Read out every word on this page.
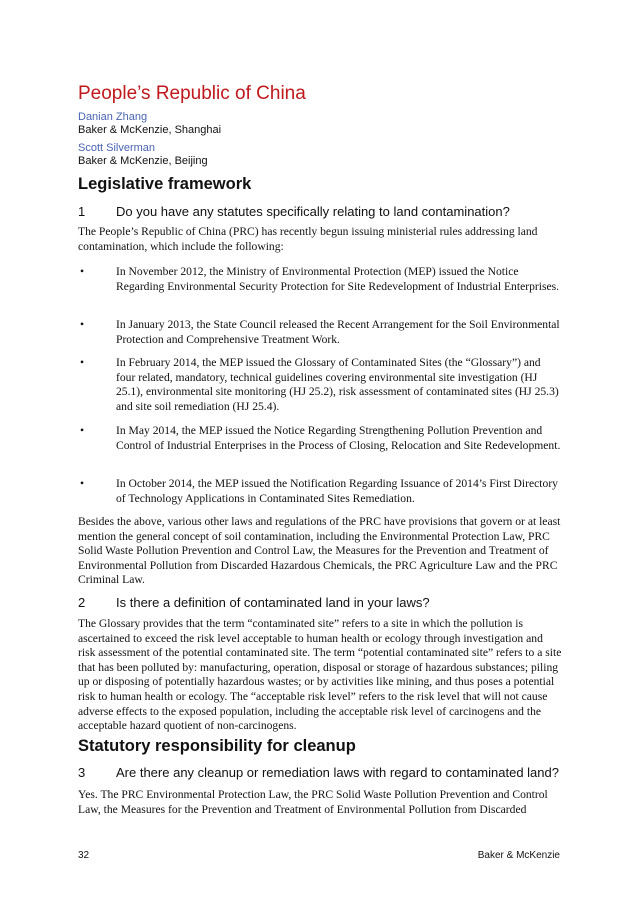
People’s Republic of China
Danian Zhang
Baker & McKenzie, Shanghai
Scott Silverman
Baker & McKenzie, Beijing
Legislative framework
1 Do you have any statutes specifically relating to land contamination?

The People’s Republic of China (PRC) has recently begun issuing ministerial rules addressing land contamination, which include the following:

•	In November 2012, the Ministry of Environmental Protection (MEP) issued the Notice Regarding Environmental Security Protection for Site Redevelopment of Industrial Enterprises.

•	In January 2013, the State Council released the Recent Arrangement for the Soil Environmental Protection and Comprehensive Treatment Work.

•	In February 2014, the MEP issued the Glossary of Contaminated Sites (the “Glossary”) and four related, mandatory, technical guidelines covering environmental site investigation (HJ 25.1), environmental site monitoring (HJ 25.2), risk assessment of contaminated sites (HJ 25.3) and site soil remediation (HJ 25.4).

•	In May 2014, the MEP issued the Notice Regarding Strengthening Pollution Prevention and Control of Industrial Enterprises in the Process of Closing, Relocation and Site Redevelopment.

•	In October 2014, the MEP issued the Notification Regarding Issuance of 2014’s First Directory of Technology Applications in Contaminated Sites Remediation.

Besides the above, various other laws and regulations of the PRC have provisions that govern or at least mention the general concept of soil contamination, including the Environmental Protection Law, PRC Solid Waste Pollution Prevention and Control Law, the Measures for the Prevention and Treatment of Environmental Pollution from Discarded Hazardous Chemicals, the PRC Agriculture Law and the PRC Criminal Law.

2 Is there a definition of contaminated land in your laws?

The Glossary provides that the term “contaminated site” refers to a site in which the pollution is ascertained to exceed the risk level acceptable to human health or ecology through investigation and risk assessment of the potential contaminated site. The term “potential contaminated site” refers to a site that has been polluted by: manufacturing, operation, disposal or storage of hazardous substances; piling up or disposing of potentially hazardous wastes; or by activities like mining, and thus poses a potential risk to human health or ecology. The “acceptable risk level” refers to the risk level that will not cause adverse effects to the exposed population, including the acceptable risk level of carcinogens and the acceptable hazard quotient of non-carcinogens.

Statutory responsibility for cleanup
3 Are there any cleanup or remediation laws with regard to contaminated land?

Yes. The PRC Environmental Protection Law, the PRC Solid Waste Pollution Prevention and Control Law, the Measures for the Prevention and Treatment of Environmental Pollution from Discarded

32	Baker & McKenzie
